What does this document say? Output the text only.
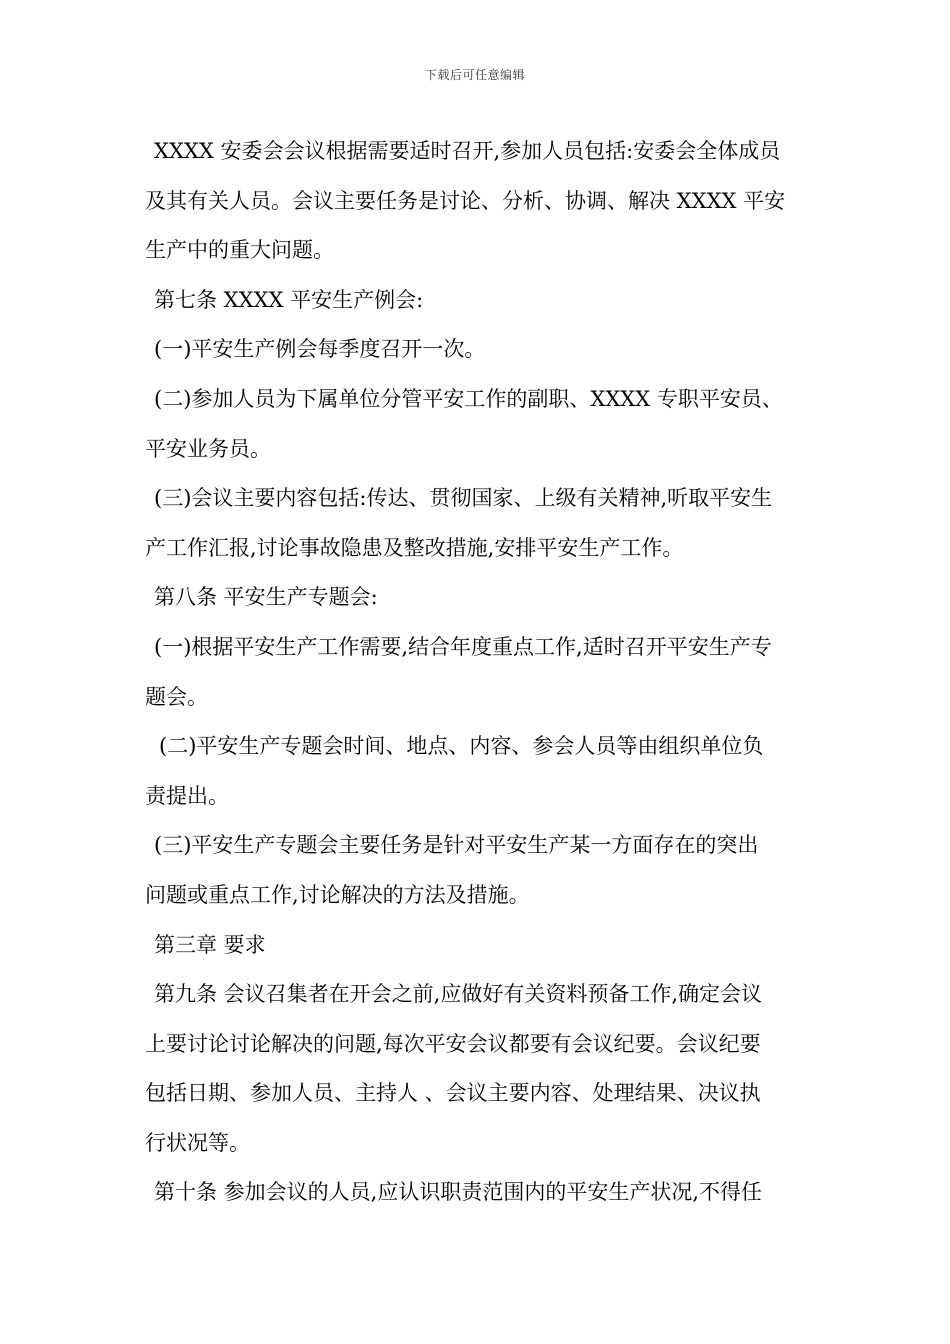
下载后可任意编辑
XXXX 安委会会议根据需要适时召开,参加人员包括:安委会全体成员
及其有关人员。会议主要任务是讨论、分析、协调、解决 XXXX 平安
生产中的重大问题。
第七条 XXXX 平安生产例会:
(一)平安生产例会每季度召开一次。
(二)参加人员为下属单位分管平安工作的副职、XXXX 专职平安员、
平安业务员。
(三)会议主要内容包括:传达、贯彻国家、上级有关精神,听取平安生
产工作汇报,讨论事故隐患及整改措施,安排平安生产工作。
第八条 平安生产专题会:
(一)根据平安生产工作需要,结合年度重点工作,适时召开平安生产专
题会。
(二)平安生产专题会时间、地点、内容、参会人员等由组织单位负
责提出。
(三)平安生产专题会主要任务是针对平安生产某一方面存在的突出
问题或重点工作,讨论解决的方法及措施。
第三章 要求
第九条 会议召集者在开会之前,应做好有关资料预备工作,确定会议
上要讨论讨论解决的问题,每次平安会议都要有会议纪要。会议纪要
包括日期、参加人员、主持人 、会议主要内容、处理结果、决议执
行状况等。
第十条 参加会议的人员,应认识职责范围内的平安生产状况,不得任
